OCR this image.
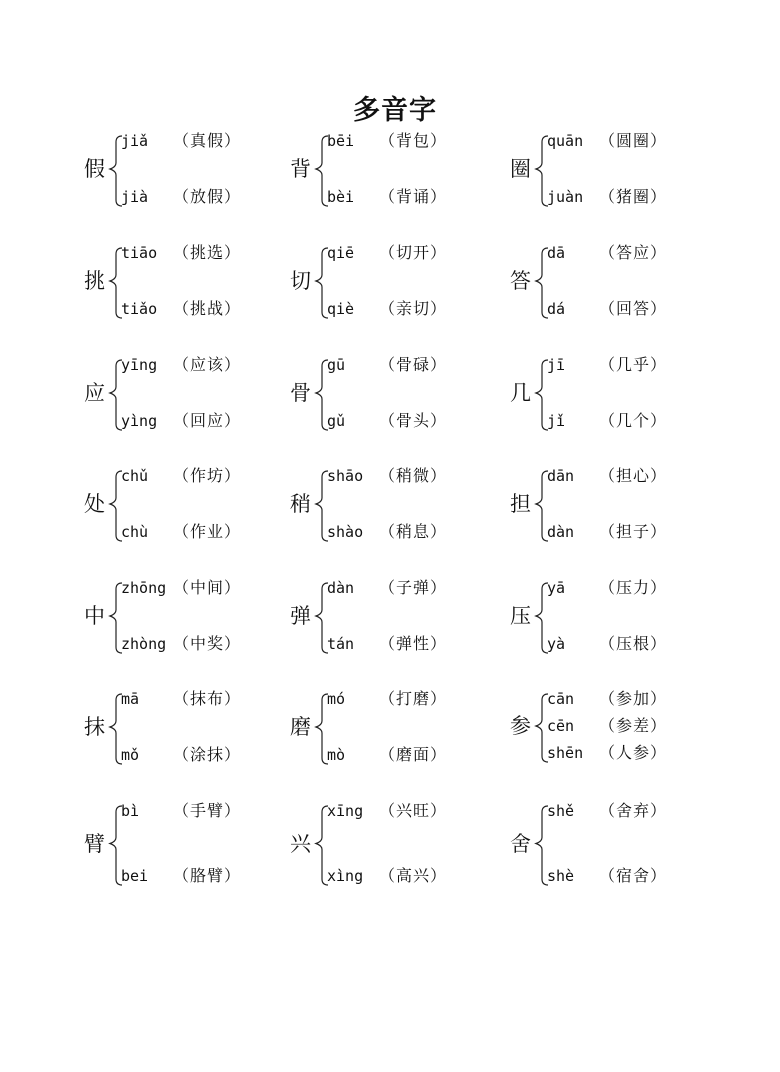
多音字
假
jiǎ （真假）
jià （放假）
背
bēi （背包）
bèi （背诵）
圈
quān （圆圈）
juàn （猪圈）
挑
tiāo （挑选）
tiǎo （挑战）
切
qiē （切开）
qiè （亲切）
答
dā （答应）
dá （回答）
应
yīng （应该）
yìng （回应）
骨
gū （骨碌）
gǔ （骨头）
几
jī （几乎）
jǐ （几个）
处
chǔ （作坊）
chù （作业）
稍
shāo （稍微）
shào （稍息）
担
dān （担心）
dàn （担子）
中
zhōng （中间）
zhòng （中奖）
弹
dàn （子弹）
tán （弹性）
压
yā （压力）
yà （压根）
抹
mā （抹布）
mǒ （涂抹）
磨
mó （打磨）
mò （磨面）
参
cān （参加）
cēn （参差）
shēn （人参）
臂
bì （手臂）
bei （胳臂）
兴
xīng （兴旺）
xìng （高兴）
舍
shě （舍弃）
shè （宿舍）
